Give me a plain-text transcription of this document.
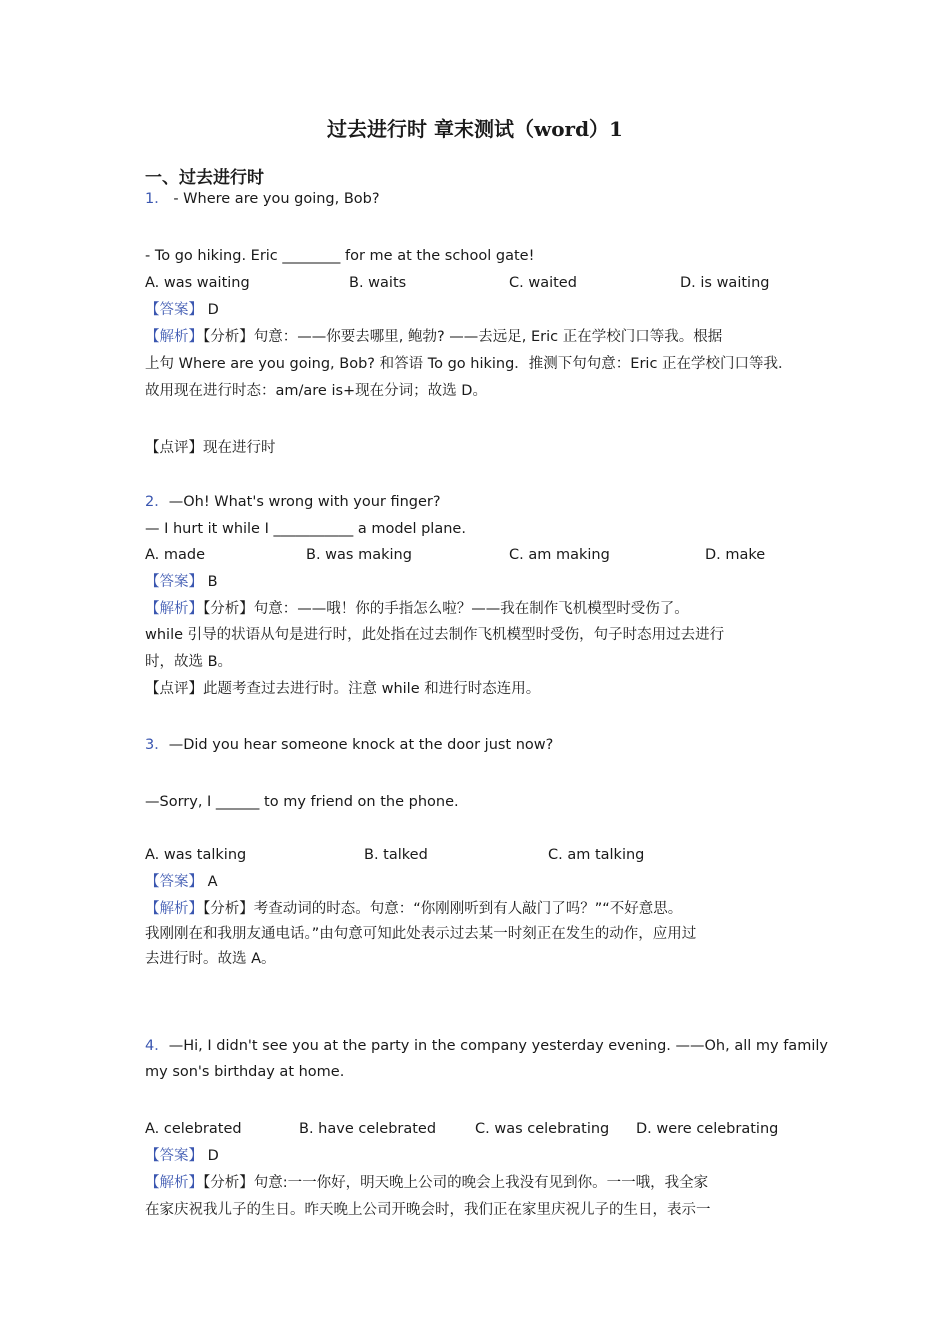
过去进行时 章末测试（word）1
一、过去进行时
1． - Where are you going, Bob?
- To go hiking. Eric ________ for me at the school gate!
A. was waiting	B. waits	C. waited	D. is waiting
【答案】 D
【解析】【分析】句意：——你要去哪里, 鲍勃? ——去远足, Eric 正在学校门口等我。根据
上句 Where are you going, Bob? 和答语 To go hiking．推测下句句意：Eric 正在学校门口等我．
故用现在进行时态：am/are is+现在分词；故选 D。
【点评】现在进行时
2．—Oh! What's wrong with your finger?
— I hurt it while I ___________ a model plane.
A. made	B. was making	C. am making	D. make
【答案】 B
【解析】【分析】句意：——哦！你的手指怎么啦？——我在制作飞机模型时受伤了。
while 引导的状语从句是进行时，此处指在过去制作飞机模型时受伤，句子时态用过去进行
时，故选 B。
【点评】此题考查过去进行时。注意 while 和进行时态连用。
3．—Did you hear someone knock at the door just now?
—Sorry, I ______ to my friend on the phone.
A. was talking	B. talked	C. am talking
【答案】 A
【解析】【分析】考查动词的时态。句意：“你刚刚听到有人敲门了吗？”“不好意思。
我刚刚在和我朋友通电话。”由句意可知此处表示过去某一时刻正在发生的动作，应用过
去进行时。故选 A。
4．—Hi, I didn't see you at the party in the company yesterday evening. ——Oh, all my family
my son's birthday at home.
A. celebrated	B. have celebrated	C. was celebrating D. were celebrating
【答案】 D
【解析】【分析】句意:一一你好，明天晚上公司的晚会上我没有见到你。一一哦，我全家
在家庆祝我儿子的生日。昨天晚上公司开晚会时，我们正在家里庆祝儿子的生日，表示一
